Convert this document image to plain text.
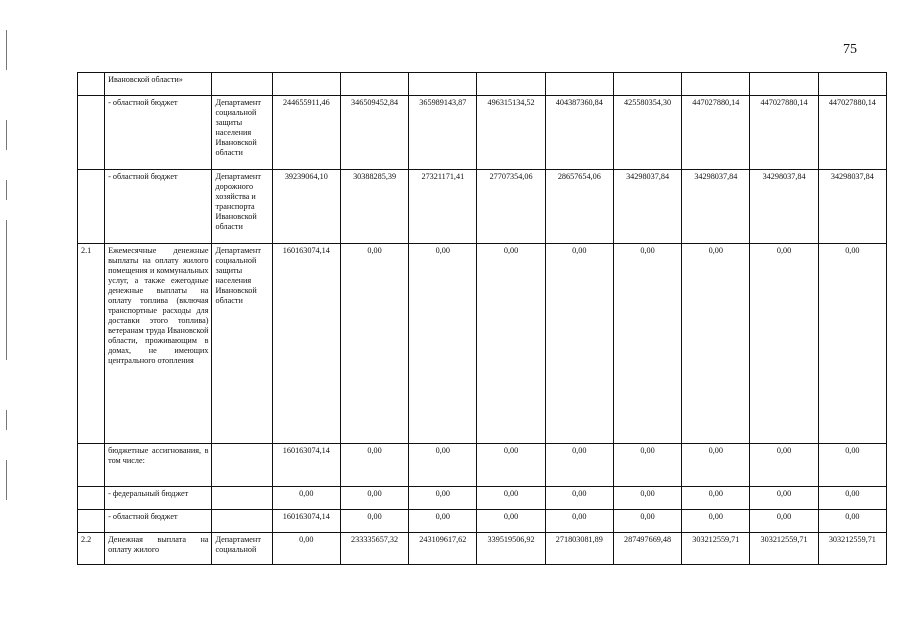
75
	Ивановской области»										
	- областной бюджет	Департамент социальной защиты населения Ивановской области	244655911,46	346509452,84	365989143,87	496315134,52	404387360,84	425580354,30	447027880,14	447027880,14	447027880,14
	- областной бюджет	Департамент дорожного хозяйства и транспорта Ивановской области	39239064,10	30388285,39	27321171,41	27707354,06	28657654,06	34298037,84	34298037,84	34298037,84	34298037,84
2.1	Ежемесячные денежные выплаты на оплату жилого помещения и коммунальных услуг, а также ежегодные денежные выплаты на оплату топлива (включая транспортные расходы для доставки этого топлива) ветеранам труда Ивановской области, проживающим в домах, не имеющих центрального отопления	Департамент социальной защиты населения Ивановской области	160163074,14	0,00	0,00	0,00	0,00	0,00	0,00	0,00	0,00
	бюджетные ассигнования, в том числе:		160163074,14	0,00	0,00	0,00	0,00	0,00	0,00	0,00	0,00
	- федеральный бюджет		0,00	0,00	0,00	0,00	0,00	0,00	0,00	0,00	0,00
	- областной бюджет		160163074,14	0,00	0,00	0,00	0,00	0,00	0,00	0,00	0,00
2.2	Денежная выплата на оплату жилого	Департамент социальной	0,00	233335657,32	243109617,62	339519506,92	271803081,89	287497669,48	303212559,71	303212559,71	303212559,71
